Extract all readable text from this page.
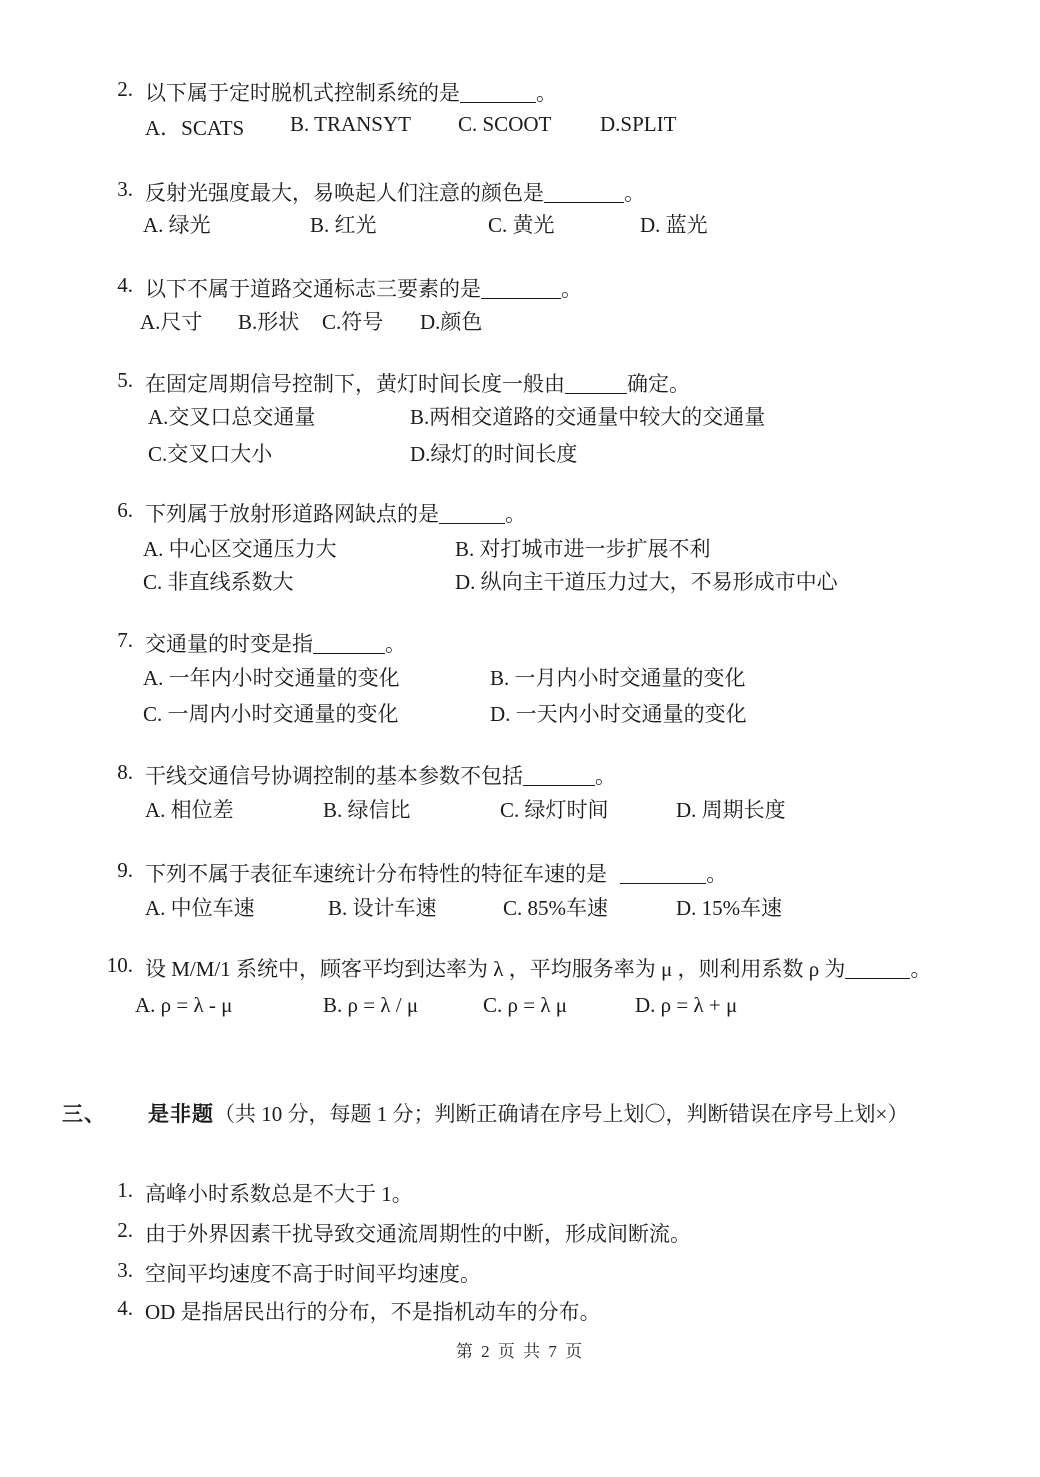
2. 以下属于定时脱机式控制系统的是	。
A．SCATS B. TRANSYT C. SCOOT D.SPLIT
3. 反射光强度最大，易唤起人们注意的颜色是	。
A. 绿光	B. 红光	C. 黄光	D. 蓝光
4. 以下不属于道路交通标志三要素的是	。
A.尺寸 B.形状 C.符号 D.颜色
5. 在固定周期信号控制下，黄灯时间长度一般由	确定。
A.交叉口总交通量	B.两相交道路的交通量中较大的交通量
C.交叉口大小	D.绿灯的时间长度
6. 下列属于放射形道路网缺点的是	。
A. 中心区交通压力大	B. 对打城市进一步扩展不利
C. 非直线系数大	D. 纵向主干道压力过大，不易形成市中心
7. 交通量的时变是指	。
A. 一年内小时交通量的变化	B. 一月内小时交通量的变化
C. 一周内小时交通量的变化	D. 一天内小时交通量的变化
8. 干线交通信号协调控制的基本参数不包括	。
A. 相位差	B. 绿信比	C. 绿灯时间	D. 周期长度
9. 下列不属于表征车速统计分布特性的特征车速的是	。
A. 中位车速	B. 设计车速	C. 85%车速	D. 15%车速
10. 设 M/M/1 系统中，顾客平均到达率为 λ ，平均服务率为 μ ，则利用系数 ρ 为	。
A. ρ = λ - μ	B. ρ = λ / μ	C. ρ = λ μ	D. ρ = λ + μ
三、 是非题（共 10 分，每题 1 分；判断正确请在序号上划〇，判断错误在序号上划×）
1. 高峰小时系数总是不大于 1。
2. 由于外界因素干扰导致交通流周期性的中断，形成间断流。
3. 空间平均速度不高于时间平均速度。
4. OD 是指居民出行的分布，不是指机动车的分布。
第 2 页 共 7 页
